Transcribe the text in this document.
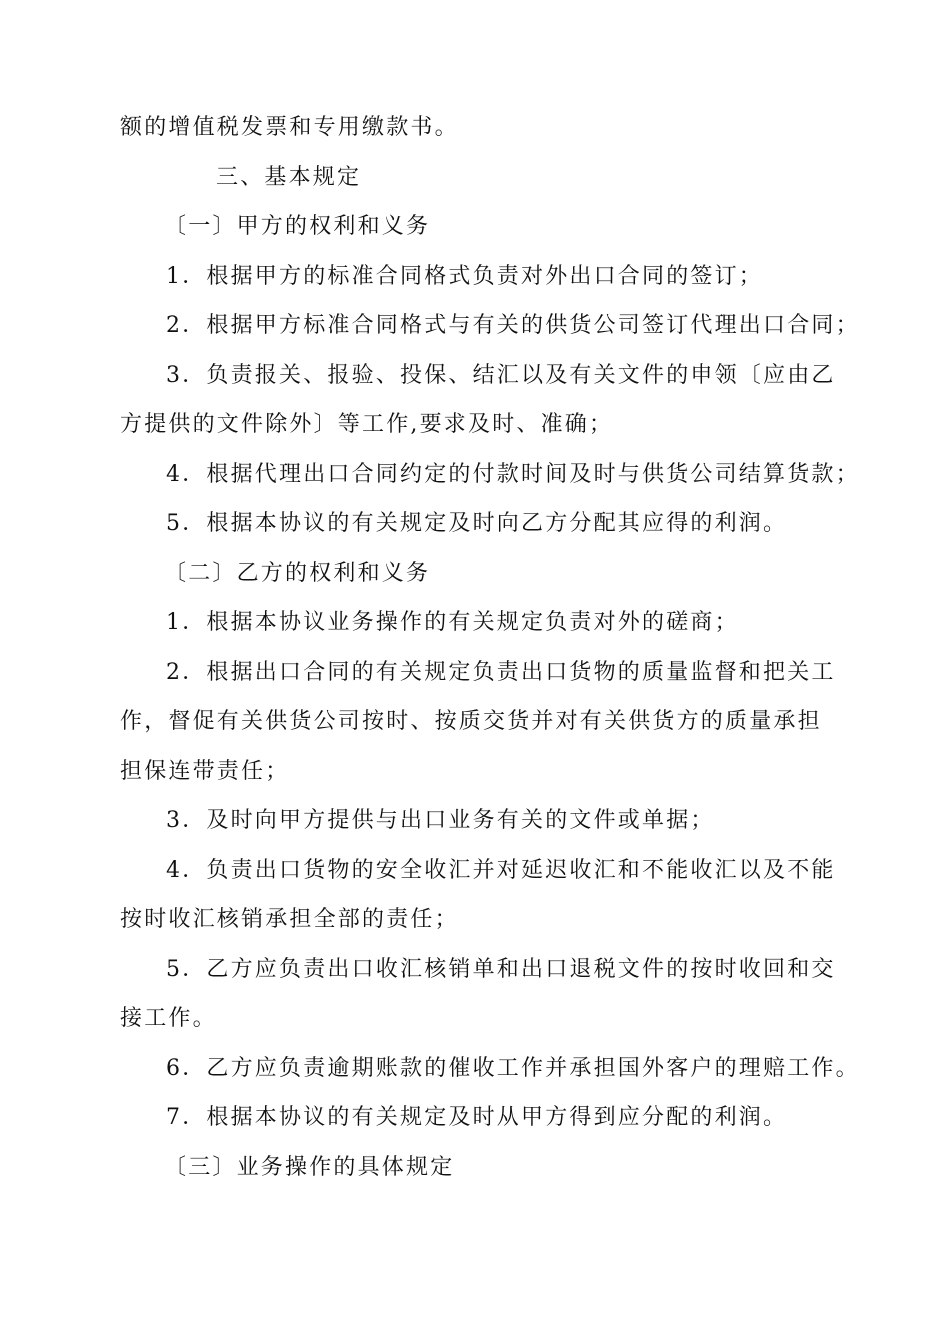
额的增值税发票和专用缴款书。
三、基本规定
〔一〕甲方的权利和义务
1．根据甲方的标准合同格式负责对外出口合同的签订；
2．根据甲方标准合同格式与有关的供货公司签订代理出口合同；
3．负责报关、报验、投保、结汇以及有关文件的申领〔应由乙
方提供的文件除外〕等工作,要求及时、准确；
4．根据代理出口合同约定的付款时间及时与供货公司结算货款；
5．根据本协议的有关规定及时向乙方分配其应得的利润。
〔二〕乙方的权利和义务
1．根据本协议业务操作的有关规定负责对外的磋商；
2．根据出口合同的有关规定负责出口货物的质量监督和把关工
作，督促有关供货公司按时、按质交货并对有关供货方的质量承担
担保连带责任；
3．及时向甲方提供与出口业务有关的文件或单据；
4．负责出口货物的安全收汇并对延迟收汇和不能收汇以及不能
按时收汇核销承担全部的责任；
5．乙方应负责出口收汇核销单和出口退税文件的按时收回和交
接工作。
6．乙方应负责逾期账款的催收工作并承担国外客户的理赔工作。
7．根据本协议的有关规定及时从甲方得到应分配的利润。
〔三〕业务操作的具体规定
